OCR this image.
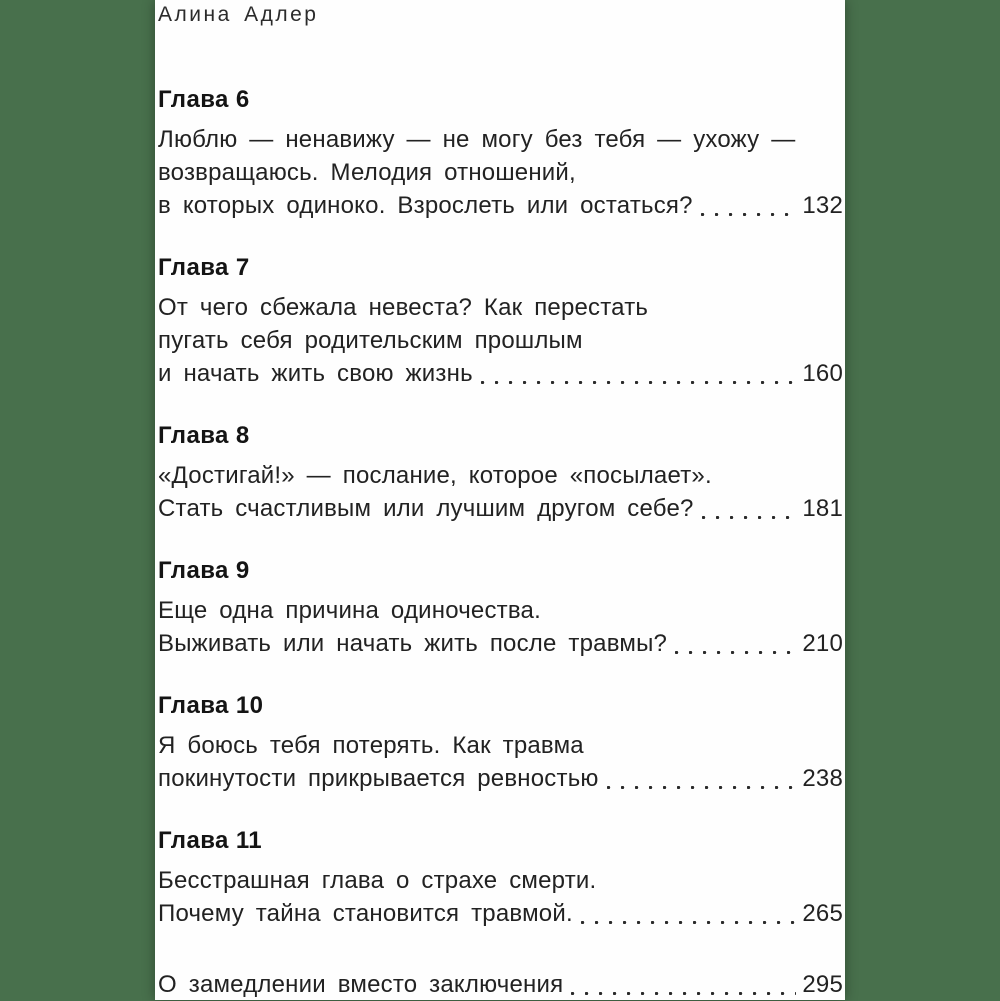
Алина Адлер
Глава 6
Люблю — ненавижу — не могу без тебя — ухожу —
возвращаюсь. Мелодия отношений,
в которых одиноко. Взрослеть или остаться?	132
Глава 7
От чего сбежала невеста? Как перестать
пугать себя родительским прошлым
и начать жить свою жизнь	160
Глава 8
«Достигай!» — послание, которое «посылает».
Стать счастливым или лучшим другом себе?	181
Глава 9
Еще одна причина одиночества.
Выживать или начать жить после травмы?	210
Глава 10
Я боюсь тебя потерять. Как травма
покинутости прикрывается ревностью	238
Глава 11
Бесстрашная глава о страхе смерти.
Почему тайна становится травмой.	265
О замедлении вместо заключения	295
